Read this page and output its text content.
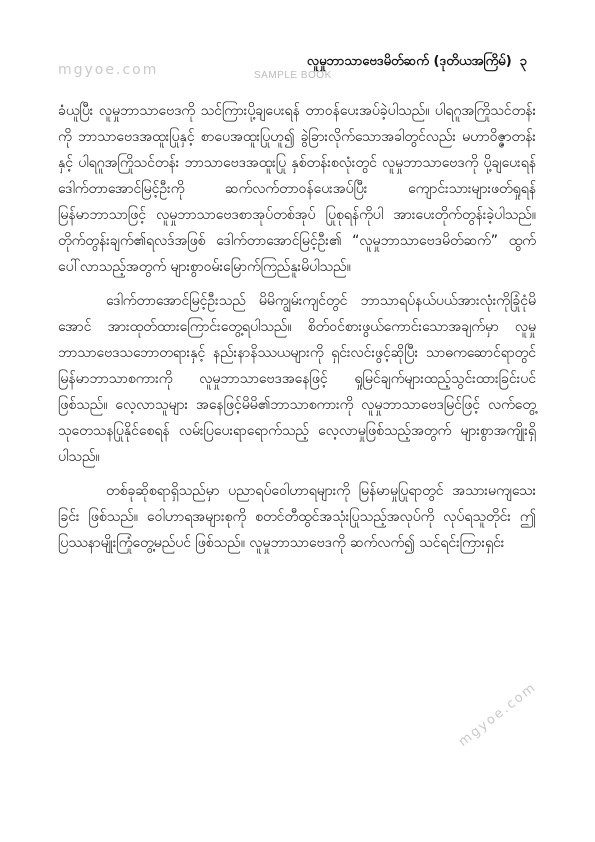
mgyoe.com
လူမှုဘာသာဗေဒမိတ်ဆက် (ဒုတိယအကြိမ်) ၃
SAMPLE BOOK

ခံယူပြီး လူမှုဘာသာဗေဒကို သင်ကြားပို့ချပေးရန် တာဝန်ပေးအပ်ခဲ့ပါသည်။ ပါရဂူအကြိုသင်တန်းကို ဘာသာဗေဒအထူးပြုနှင့် စာပေအထူးပြုဟူ၍ ခွဲခြားလိုက်သောအခါတွင်လည်း မဟာဝိဇ္ဇာတန်းနှင့် ပါရဂူအကြိုသင်တန်း ဘာသာဗေဒအထူးပြု နှစ်တန်းစလုံးတွင် လူမှုဘာသာဗေဒကို ပို့ချပေးရန် ဒေါက်တာအောင်မြင့်ဦးကို ဆက်လက်တာဝန်ပေးအပ်ပြီး ကျောင်းသားများဖတ်ရှုရန် မြန်မာဘာသာဖြင့် လူမှုဘာသာဗေဒစာအုပ်တစ်အုပ် ပြုစုရန်ကိုပါ အားပေးတိုက်တွန်းခဲ့ပါသည်။ တိုက်တွန်းချက်၏ရလဒ်အဖြစ် ဒေါက်တာအောင်မြင့်ဦး၏ “လူမှုဘာသာဗေဒမိတ်ဆက်” ထွက်ပေါ်လာသည့်အတွက် များစွာဝမ်းမြောက်ကြည်နူးမိပါသည်။

ဒေါက်တာအောင်မြင့်ဦးသည် မိမိကျွမ်းကျင်တွင် ဘာသာရပ်နယ်ပယ်အားလုံးကိုခြုံငုံမိအောင် အားထုတ်ထားကြောင်းတွေ့ရပါသည်။ စိတ်ဝင်စားဖွယ်ကောင်းသောအချက်မှာ လူမှုဘာသာဗေဒသဘောတရားနှင့် နည်းနာနိဿယများကို ရှင်းလင်းဖွင့်ဆိုပြီး သာဓကဆောင်ရာတွင် မြန်မာဘာသာစကားကို လူမှုဘာသာဗေဒအနေဖြင့် ရှုမြင်ချက်များထည့်သွင်းထားခြင်းပင် ဖြစ်သည်။ လေ့လာသူများ အနေဖြင့်မိမိ၏ဘာသာစကားကို လူမှုဘာသာဗေဒမြင်ဖြင့် လက်တွေ့ သုတေသနပြုနိုင်စေရန် လမ်းပြပေးရာရောက်သည့် လေ့လာမှုဖြစ်သည့်အတွက် များစွာအကျိုးရှိပါသည်။

တစ်ခုဆိုစရာရှိသည်မှာ ပညာရပ်ဝေါဟာရများကို မြန်မာမှုပြုရာတွင် အသားမကျသေးခြင်း ဖြစ်သည်။ ဝေါဟာရအများစုကို စတင်တီထွင်အသုံးပြုသည့်အလုပ်ကို လုပ်ရသူတိုင်း ဤပြဿနာမျိုးကြုံတွေ့မည်ပင် ဖြစ်သည်။ လူမှုဘာသာဗေဒကို ဆက်လက်၍ သင်ရင်းကြားရှင်း

mgyoe.com
